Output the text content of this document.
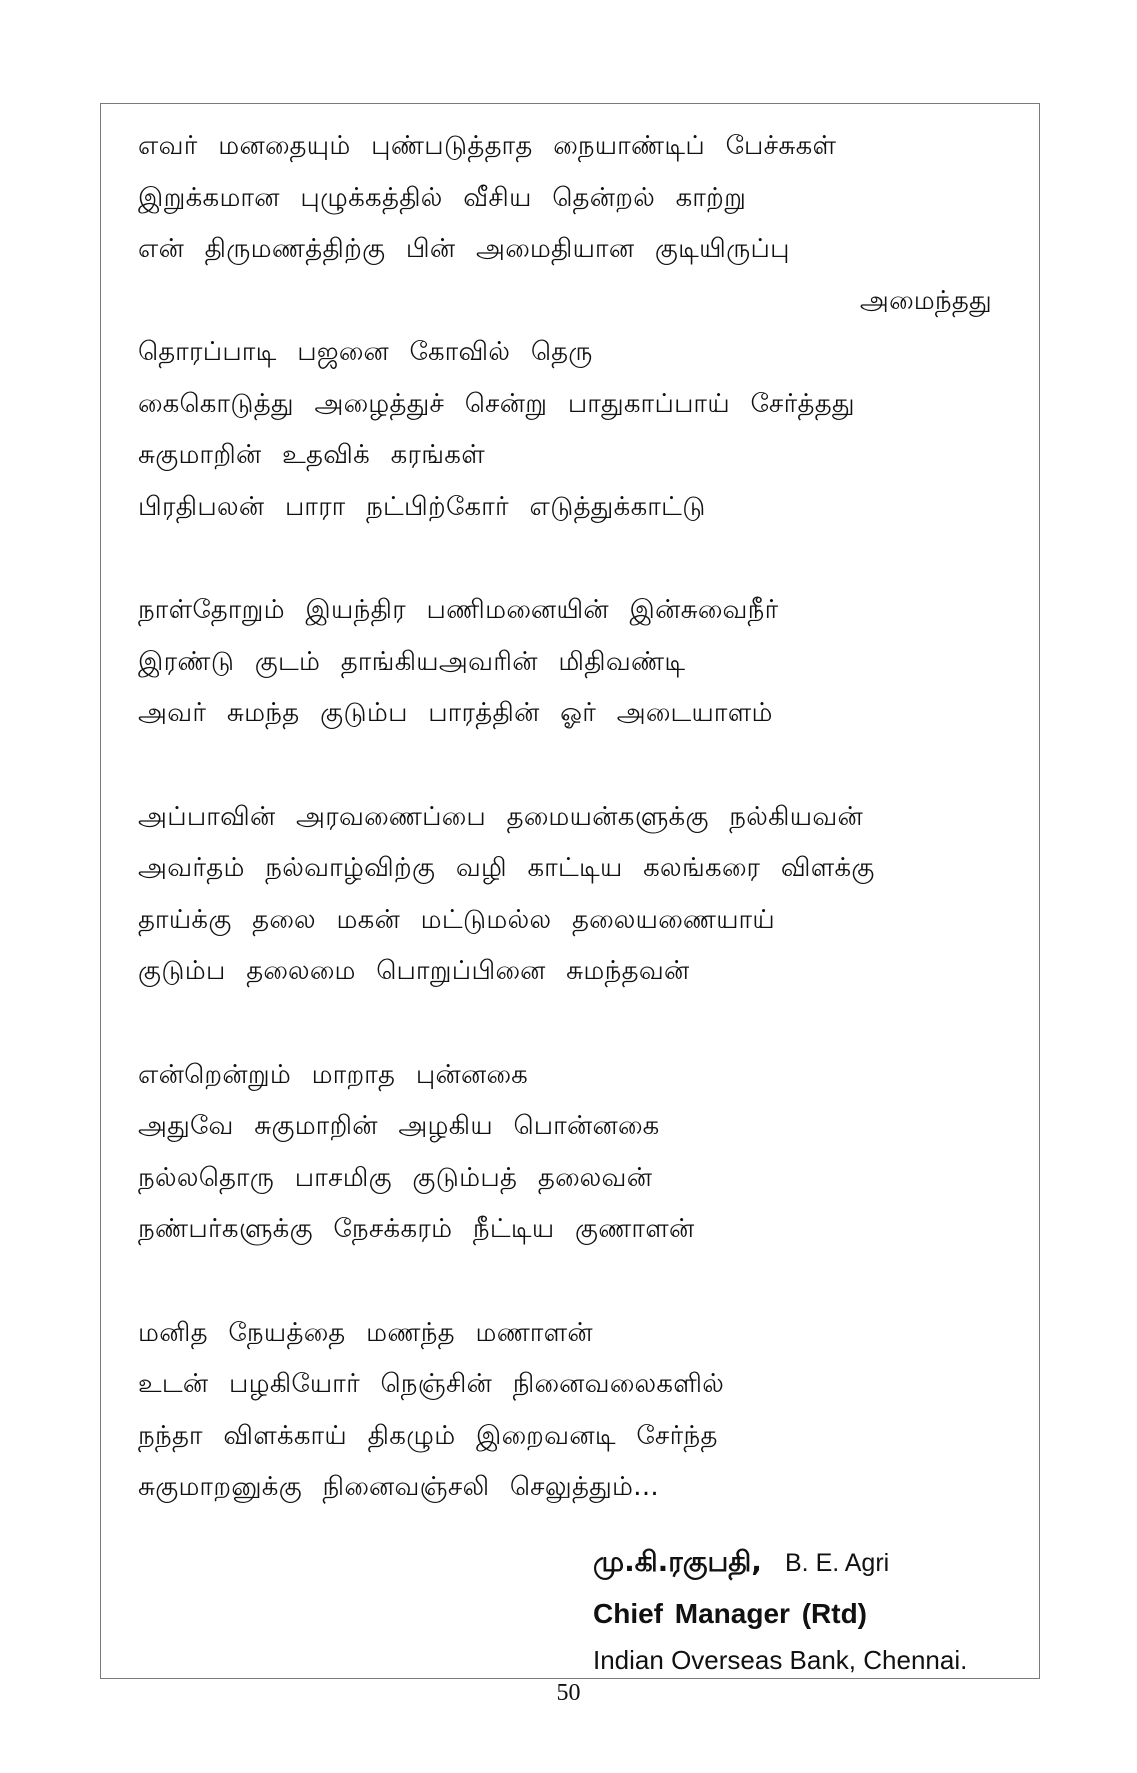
எவர் மனதையும் புண்படுத்தாத நையாண்டிப் பேச்சுகள்
இறுக்கமான புழுக்கத்தில் வீசிய தென்றல் காற்று
என் திருமணத்திற்கு பின் அமைதியான குடியிருப்பு
அமைந்தது
தொரப்பாடி பஜனை கோவில் தெரு
கைகொடுத்து அழைத்துச் சென்று பாதுகாப்பாய் சேர்த்தது
சுகுமாறின் உதவிக் கரங்கள்
பிரதிபலன் பாரா நட்பிற்கோர் எடுத்துக்காட்டு
நாள்தோறும் இயந்திர பணிமனையின் இன்சுவைநீர்
இரண்டு குடம் தாங்கியஅவரின் மிதிவண்டி
அவர் சுமந்த குடும்ப பாரத்தின் ஓர் அடையாளம்
அப்பாவின் அரவணைப்பை தமையன்களுக்கு நல்கியவன்
அவர்தம் நல்வாழ்விற்கு வழி காட்டிய கலங்கரை விளக்கு
தாய்க்கு தலை மகன் மட்டுமல்ல தலையணையாய்
குடும்ப தலைமை பொறுப்பினை சுமந்தவன்
என்றென்றும் மாறாத புன்னகை
அதுவே சுகுமாறின் அழகிய பொன்னகை
நல்லதொரு பாசமிகு குடும்பத் தலைவன்
நண்பர்களுக்கு நேசக்கரம் நீட்டிய குணாளன்
மனித நேயத்தை மணந்த மணாளன்
உடன் பழகியோர் நெஞ்சின் நினைவலைகளில்
நந்தா விளக்காய் திகழும் இறைவனடி சேர்ந்த
சுகுமாறனுக்கு நினைவஞ்சலி செலுத்தும்...
மு.கி.ரகுபதி, B. E. Agri
Chief Manager (Rtd)
Indian Overseas Bank, Chennai.
50
